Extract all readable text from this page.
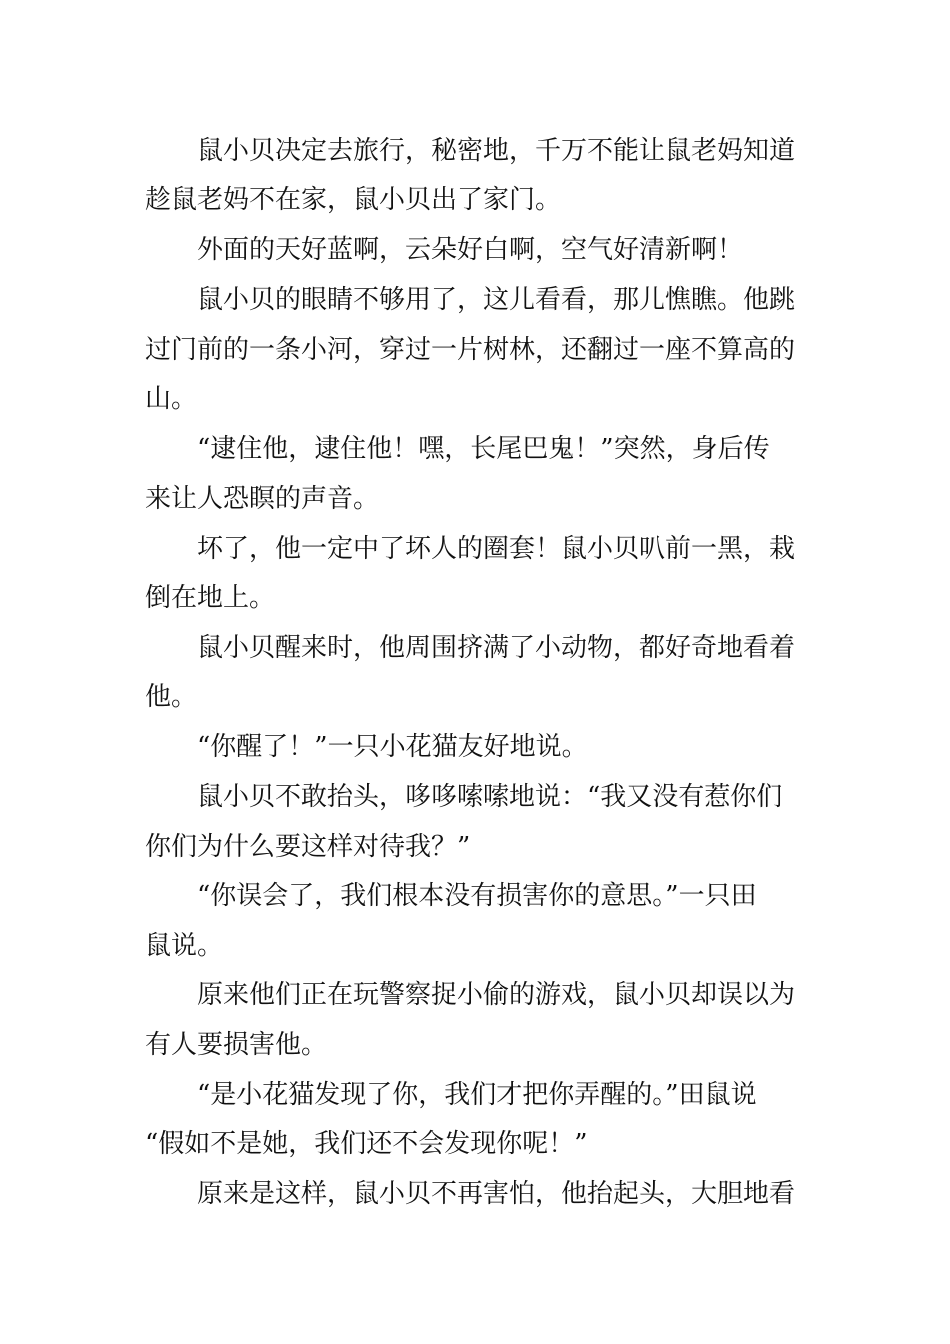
鼠小贝决定去旅行，秘密地，千万不能让鼠老妈知道
趁鼠老妈不在家，鼠小贝出了家门。
外面的天好蓝啊，云朵好白啊，空气好清新啊！
鼠小贝的眼睛不够用了，这儿看看，那儿憔瞧。他跳
过门前的一条小河，穿过一片树林，还翻过一座不算高的
山。
“逮住他，逮住他！嘿，长尾巴鬼！”突然，身后传
来让人恐瞑的声音。
坏了，他一定中了坏人的圈套！鼠小贝叭前一黑，栽
倒在地上。
鼠小贝醒来时，他周围挤满了小动物，都好奇地看着
他。
“你醒了！”一只小花猫友好地说。
鼠小贝不敢抬头，哆哆嗦嗦地说：“我又没有惹你们
你们为什么要这样对待我？”
“你误会了，我们根本没有损害你的意思。”一只田
鼠说。
原来他们正在玩警察捉小偷的游戏，鼠小贝却误以为
有人要损害他。
“是小花猫发现了你，我们才把你弄醒的。”田鼠说
“假如不是她，我们还不会发现你呢！”
原来是这样，鼠小贝不再害怕，他抬起头，大胆地看
